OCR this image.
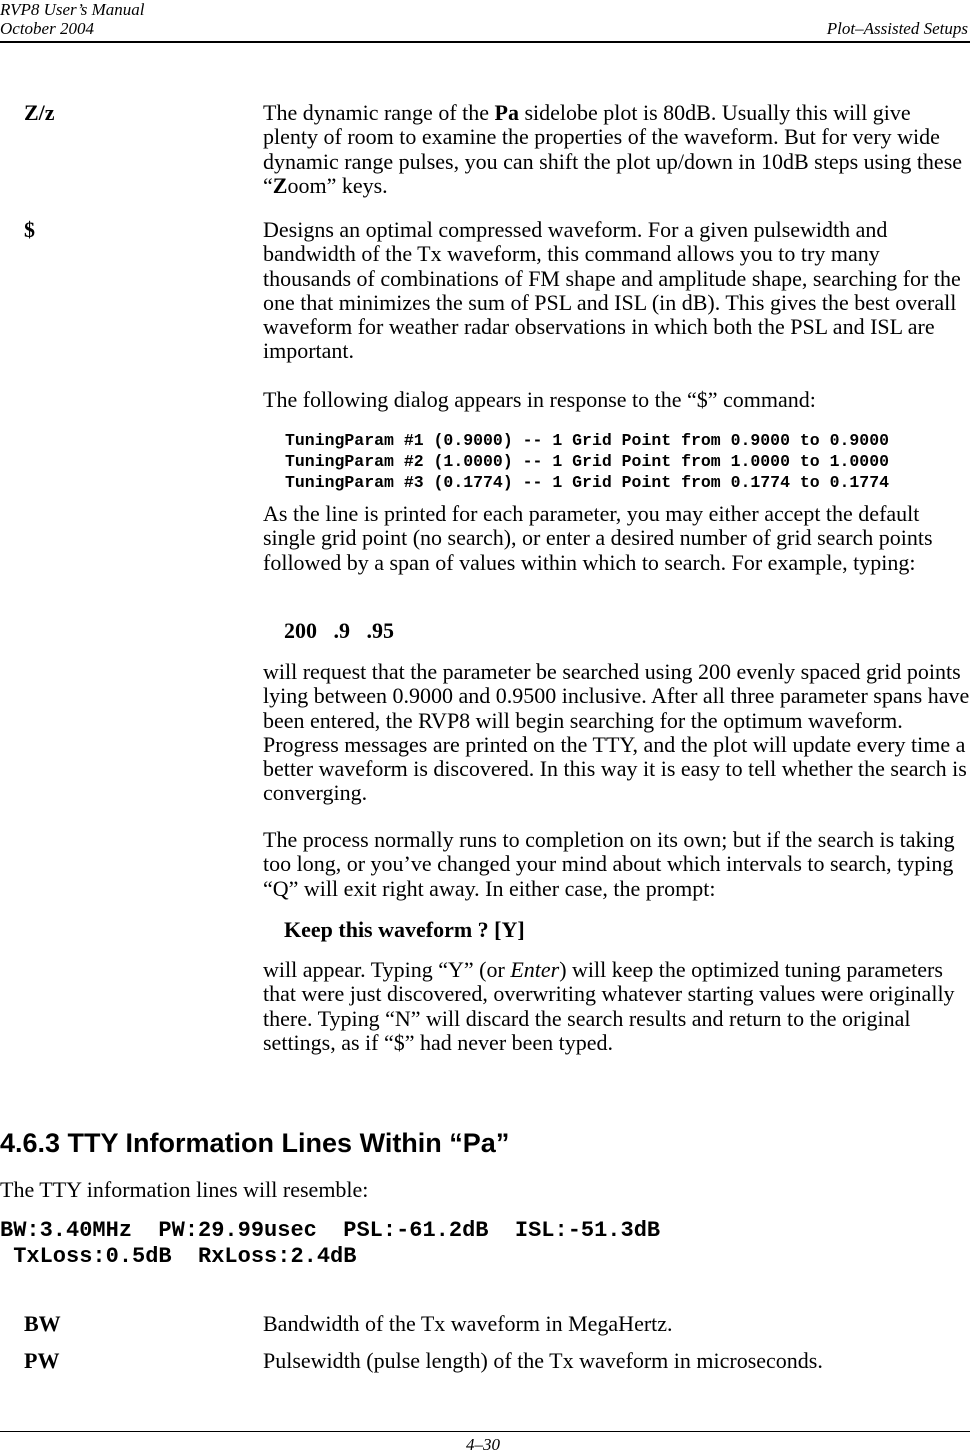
RVP8 User’s Manual
October 2004	Plot–Assisted Setups
Z/z	The dynamic range of the Pa sidelobe plot is 80dB. Usually this will give plenty of room to examine the properties of the waveform. But for very wide dynamic range pulses, you can shift the plot up/down in 10dB steps using these “Zoom” keys.

$	Designs an optimal compressed waveform. For a given pulsewidth and bandwidth of the Tx waveform, this command allows you to try many thousands of combinations of FM shape and amplitude shape, searching for the one that minimizes the sum of PSL and ISL (in dB). This gives the best overall waveform for weather radar observations in which both the PSL and ISL are important.

The following dialog appears in response to the “$” command:

TuningParam #1 (0.9000) -- 1 Grid Point from 0.9000 to 0.9000
TuningParam #2 (1.0000) -- 1 Grid Point from 1.0000 to 1.0000
TuningParam #3 (0.1774) -- 1 Grid Point from 0.1774 to 0.1774

As the line is printed for each parameter, you may either accept the default single grid point (no search), or enter a desired number of grid search points followed by a span of values within which to search. For example, typing:

200   .9   .95

will request that the parameter be searched using 200 evenly spaced grid points lying between 0.9000 and 0.9500 inclusive. After all three parameter spans have been entered, the RVP8 will begin searching for the optimum waveform. Progress messages are printed on the TTY, and the plot will update every time a better waveform is discovered. In this way it is easy to tell whether the search is converging.

The process normally runs to completion on its own; but if the search is taking too long, or you’ve changed your mind about which intervals to search, typing “Q” will exit right away. In either case, the prompt:

Keep this waveform ? [Y]

will appear. Typing “Y” (or Enter) will keep the optimized tuning parameters that were just discovered, overwriting whatever starting values were originally there. Typing “N” will discard the search results and return to the original settings, as if “$” had never been typed.

4.6.3 TTY Information Lines Within “Pa”

The TTY information lines will resemble:

BW:3.40MHz  PW:29.99usec  PSL:-61.2dB  ISL:-51.3dB
TxLoss:0.5dB  RxLoss:2.4dB
BW	Bandwidth of the Tx waveform in MegaHertz.
PW	Pulsewidth (pulse length) of the Tx waveform in microseconds.
4–30
